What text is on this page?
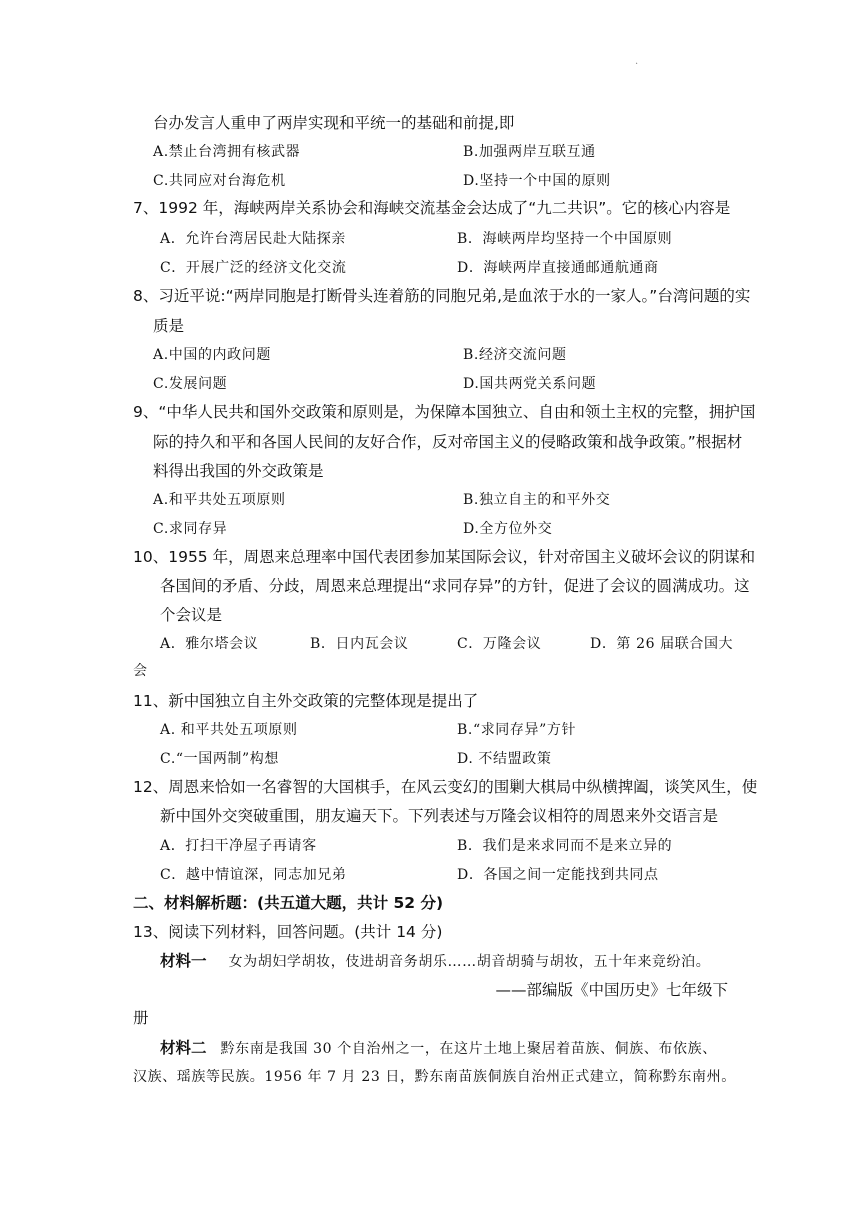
.
台办发言人重申了两岸实现和平统一的基础和前提,即
A.禁止台湾拥有核武器	B.加强两岸互联互通
C.共同应对台海危机	D.坚持一个中国的原则
7、1992 年，海峡两岸关系协会和海峡交流基金会达成了“九二共识”。它的核心内容是
A．允许台湾居民赴大陆探亲	B．海峡两岸均坚持一个中国原则
C．开展广泛的经济文化交流	D．海峡两岸直接通邮通航通商
8、习近平说:“两岸同胞是打断骨头连着筋的同胞兄弟,是血浓于水的一家人。”台湾问题的实
质是
A.中国的内政问题	B.经济交流问题
C.发展问题	D.国共两党关系问题
9、“中华人民共和国外交政策和原则是，为保障本国独立、自由和领土主权的完整，拥护国
际的持久和平和各国人民间的友好合作，反对帝国主义的侵略政策和战争政策。”根据材
料得出我国的外交政策是
A.和平共处五项原则	B.独立自主的和平外交
C.求同存异	D.全方位外交
10、1955 年，周恩来总理率中国代表团参加某国际会议，针对帝国主义破坏会议的阴谋和
各国间的矛盾、分歧，周恩来总理提出“求同存异”的方针，促进了会议的圆满成功。这
个会议是
A．雅尔塔会议	B．日内瓦会议	C．万隆会议	D．第 26 届联合国大
会
11、新中国独立自主外交政策的完整体现是提出了
A. 和平共处五项原则	B.“求同存异”方针
C.“一国两制”构想	D. 不结盟政策
12、周恩来恰如一名睿智的大国棋手，在风云变幻的围剿大棋局中纵横捭阖，谈笑风生，使
新中国外交突破重围，朋友遍天下。下列表述与万隆会议相符的周恩来外交语言是
A．打扫干净屋子再请客	B．我们是来求同而不是来立异的
C．越中情谊深，同志加兄弟	D．各国之间一定能找到共同点
二、材料解析题：(共五道大题，共计 52 分)
13、阅读下列材料，回答问题。(共计 14 分)
材料一 女为胡妇学胡妆，伎进胡音务胡乐……胡音胡骑与胡妆，五十年来竞纷泊。
——部编版《中国历史》七年级下
册
材料二 黔东南是我国 30 个自治州之一，在这片土地上聚居着苗族、侗族、布依族、
汉族、瑶族等民族。1956 年 7 月 23 日，黔东南苗族侗族自治州正式建立，简称黔东南州。
